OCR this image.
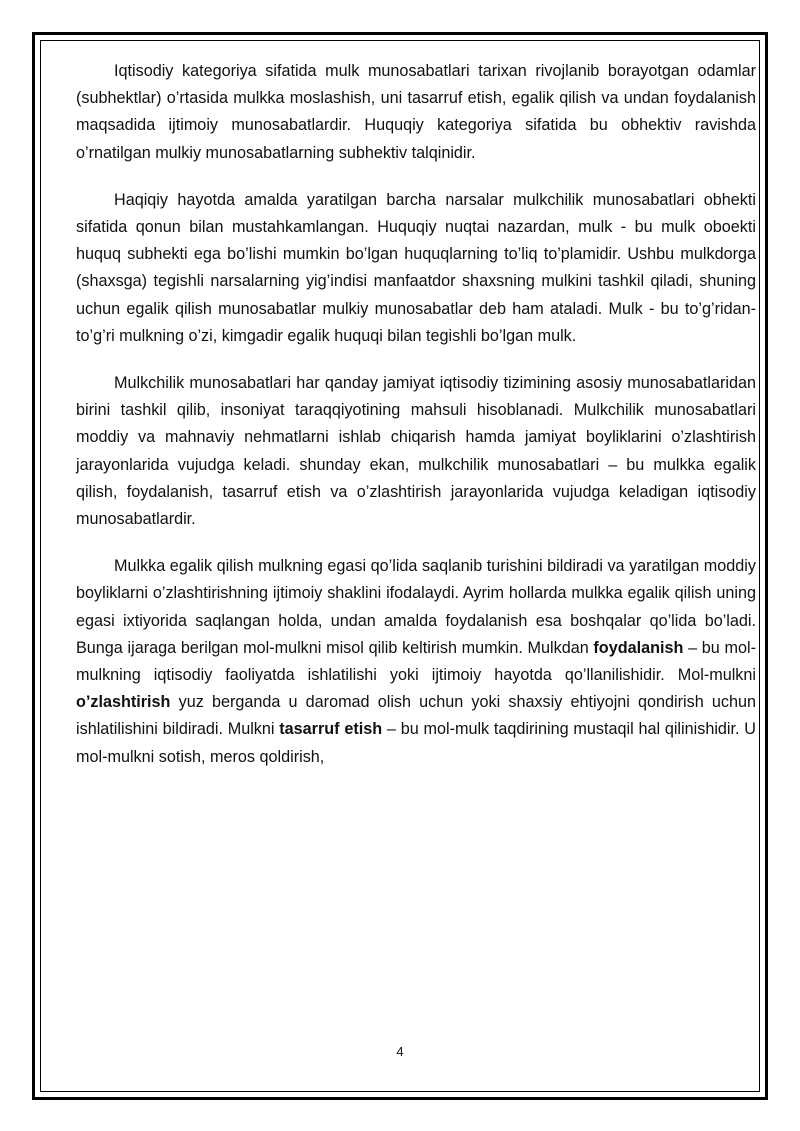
Iqtisodiy kategoriya sifatida mulk munosabatlari tarixan rivojlanib borayotgan odamlar (subhektlar) o’rtasida mulkka moslashish, uni tasarruf etish, egalik qilish va undan foydalanish maqsadida ijtimoiy munosabatlardir. Huquqiy kategoriya sifatida bu obhektiv ravishda o’rnatilgan mulkiy munosabatlarning subhektiv talqinidir.

Haqiqiy hayotda amalda yaratilgan barcha narsalar mulkchilik munosabatlari obhekti sifatida qonun bilan mustahkamlangan. Huquqiy nuqtai nazardan, mulk - bu mulk oboekti huquq subhekti ega bo’lishi mumkin bo’lgan huquqlarning to’liq to’plamidir. Ushbu mulkdorga (shaxsga) tegishli narsalarning yig’indisi manfaatdor shaxsning mulkini tashkil qiladi, shuning uchun egalik qilish munosabatlar mulkiy munosabatlar deb ham ataladi. Mulk - bu to’g’ridan-to’g’ri mulkning o’zi, kimgadir egalik huquqi bilan tegishli bo’lgan mulk.

Mulkchilik munosabatlari har qanday jamiyat iqtisodiy tizimining asosiy munosabatlaridan birini tashkil qilib, insoniyat taraqqiyotining mahsuli hisoblanadi. Mulkchilik munosabatlari moddiy va mahnaviy nehmatlarni ishlab chiqarish hamda jamiyat boyliklarini o’zlashtirish jarayonlarida vujudga keladi. shunday ekan, mulkchilik munosabatlari – bu mulkka egalik qilish, foydalanish, tasarruf etish va o’zlashtirish jarayonlarida vujudga keladigan iqtisodiy munosabatlardir.

Mulkka egalik qilish mulkning egasi qo’lida saqlanib turishini bildiradi va yaratilgan moddiy boyliklarni o’zlashtirishning ijtimoiy shaklini ifodalaydi. Ayrim hollarda mulkka egalik qilish uning egasi ixtiyorida saqlangan holda, undan amalda foydalanish esa boshqalar qo’lida bo’ladi. Bunga ijaraga berilgan mol-mulkni misol qilib keltirish mumkin. Mulkdan foydalanish – bu mol-mulkning iqtisodiy faoliyatda ishlatilishi yoki ijtimoiy hayotda qo’llanilishidir. Mol-mulkni o’zlashtirish yuz berganda u daromad olish uchun yoki shaxsiy ehtiyojni qondirish uchun ishlatilishini bildiradi. Mulkni tasarruf etish – bu mol-mulk taqdirining mustaqil hal qilinishidir. U mol-mulkni sotish, meros qoldirish,

4
